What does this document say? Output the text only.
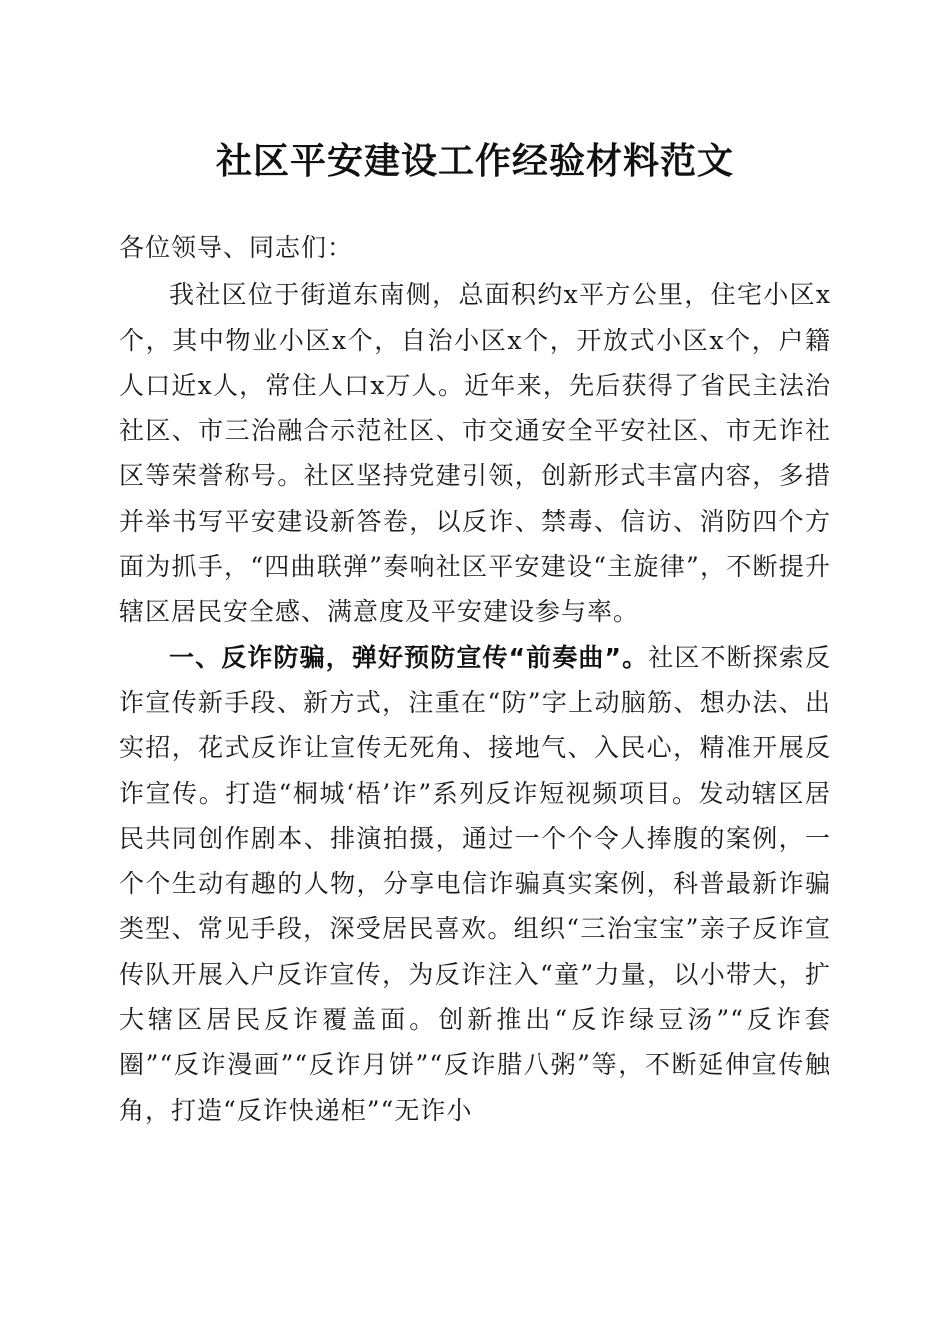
社区平安建设工作经验材料范文

各位领导、同志们：

我社区位于街道东南侧，总面积约x平方公里，住宅小区x个，其中物业小区x个，自治小区x个，开放式小区x个，户籍人口近x人，常住人口x万人。近年来，先后获得了省民主法治社区、市三治融合示范社区、市交通安全平安社区、市无诈社区等荣誉称号。社区坚持党建引领，创新形式丰富内容，多措并举书写平安建设新答卷，以反诈、禁毒、信访、消防四个方面为抓手，“四曲联弹”奏响社区平安建设“主旋律”，不断提升辖区居民安全感、满意度及平安建设参与率。

一、反诈防骗，弹好预防宣传“前奏曲”。社区不断探索反诈宣传新手段、新方式，注重在“防”字上动脑筋、想办法、出实招，花式反诈让宣传无死角、接地气、入民心，精准开展反诈宣传。打造“桐城‘梧’诈”系列反诈短视频项目。发动辖区居民共同创作剧本、排演拍摄，通过一个个令人捧腹的案例，一个个生动有趣的人物，分享电信诈骗真实案例，科普最新诈骗类型、常见手段，深受居民喜欢。组织“三治宝宝”亲子反诈宣传队开展入户反诈宣传，为反诈注入“童”力量，以小带大，扩大辖区居民反诈覆盖面。创新推出“反诈绿豆汤”“反诈套圈”“反诈漫画”“反诈月饼”“反诈腊八粥”等，不断延伸宣传触角，打造“反诈快递柜”“无诈小
